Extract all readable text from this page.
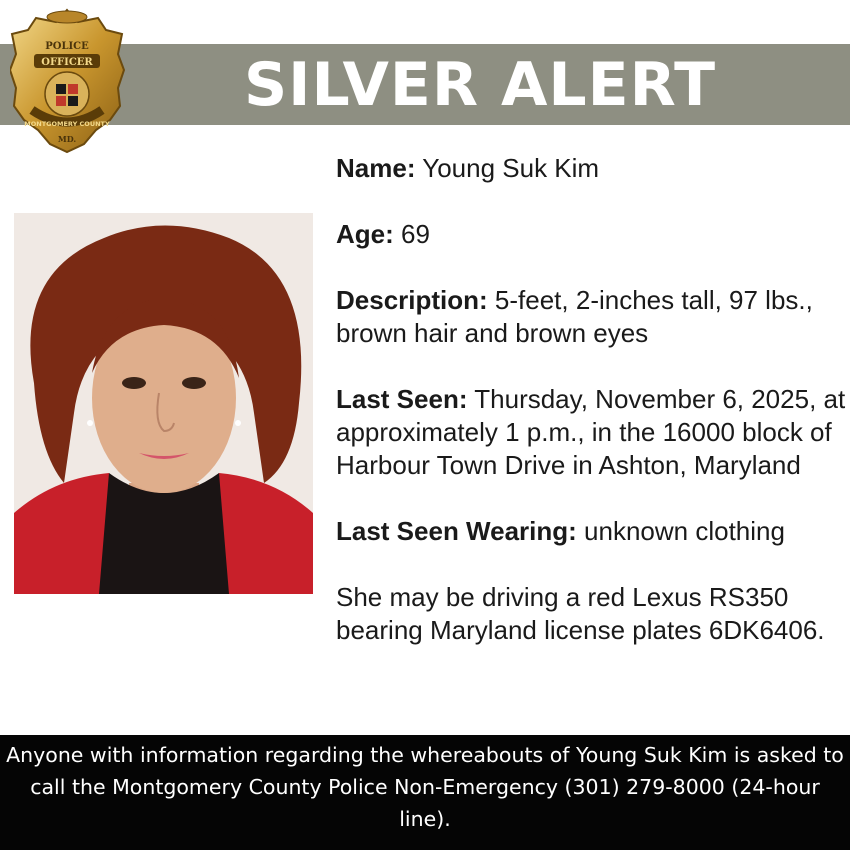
SILVER ALERT
POLICE
OFFICER
MONTGOMERY COUNTY
MD.

Name: Young Suk Kim

Age: 69

Description: 5-feet, 2-inches tall, 97 lbs., brown hair and brown eyes

Last Seen: Thursday, November 6, 2025, at approximately 1 p.m., in the 16000 block of Harbour Town Drive in Ashton, Maryland

Last Seen Wearing: unknown clothing

She may be driving a red Lexus RS350 bearing Maryland license plates 6DK6406.

Anyone with information regarding the whereabouts of Young Suk Kim is asked to call the Montgomery County Police Non-Emergency (301) 279-8000 (24-hour line).
